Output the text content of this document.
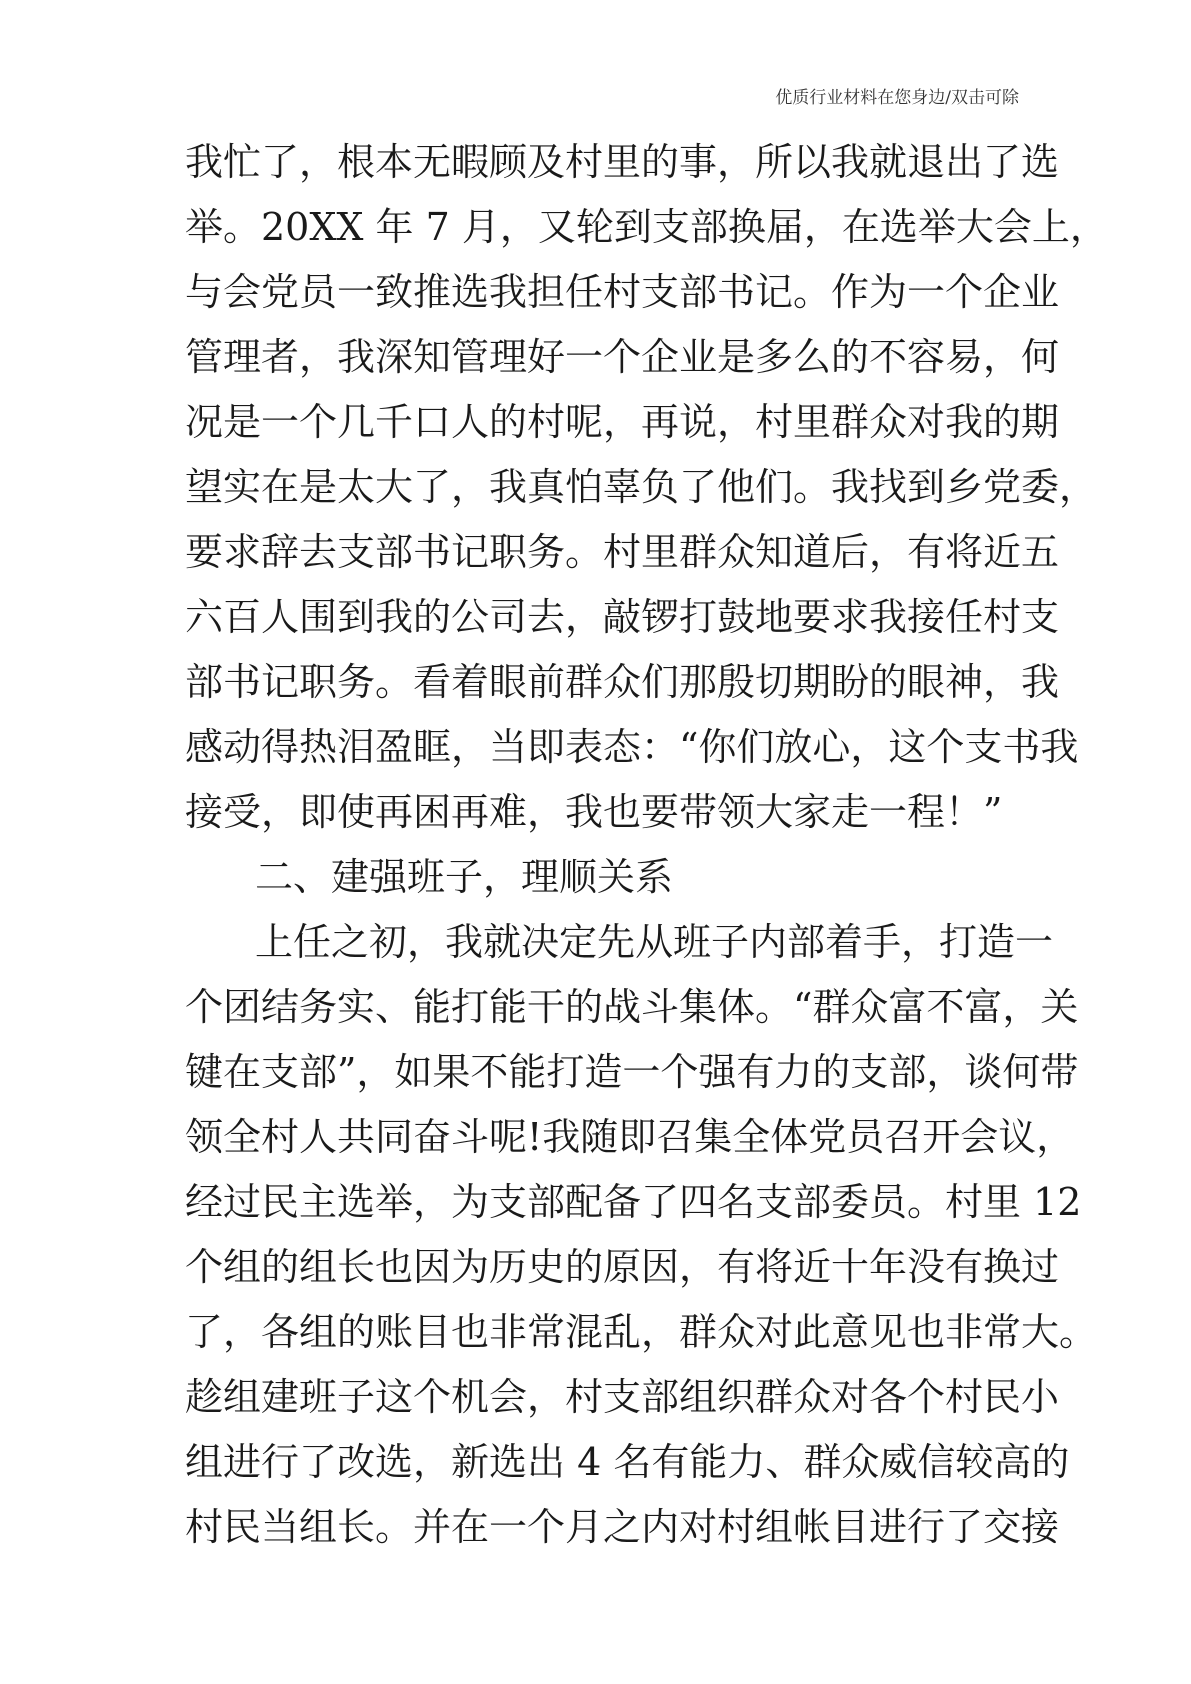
优质行业材料在您身边/双击可除
我忙了，根本无暇顾及村里的事，所以我就退出了选
举。20XX 年 7 月，又轮到支部换届，在选举大会上，
与会党员一致推选我担任村支部书记。作为一个企业
管理者，我深知管理好一个企业是多么的不容易，何
况是一个几千口人的村呢，再说，村里群众对我的期
望实在是太大了，我真怕辜负了他们。我找到乡党委，
要求辞去支部书记职务。村里群众知道后，有将近五
六百人围到我的公司去，敲锣打鼓地要求我接任村支
部书记职务。看着眼前群众们那殷切期盼的眼神，我
感动得热泪盈眶，当即表态：“你们放心，这个支书我
接受，即使再困再难，我也要带领大家走一程！”
二、建强班子，理顺关系
上任之初，我就决定先从班子内部着手，打造一
个团结务实、能打能干的战斗集体。“群众富不富，关
键在支部”，如果不能打造一个强有力的支部，谈何带
领全村人共同奋斗呢!我随即召集全体党员召开会议，
经过民主选举，为支部配备了四名支部委员。村里 12
个组的组长也因为历史的原因，有将近十年没有换过
了，各组的账目也非常混乱，群众对此意见也非常大。
趁组建班子这个机会，村支部组织群众对各个村民小
组进行了改选，新选出 4 名有能力、群众威信较高的
村民当组长。并在一个月之内对村组帐目进行了交接
